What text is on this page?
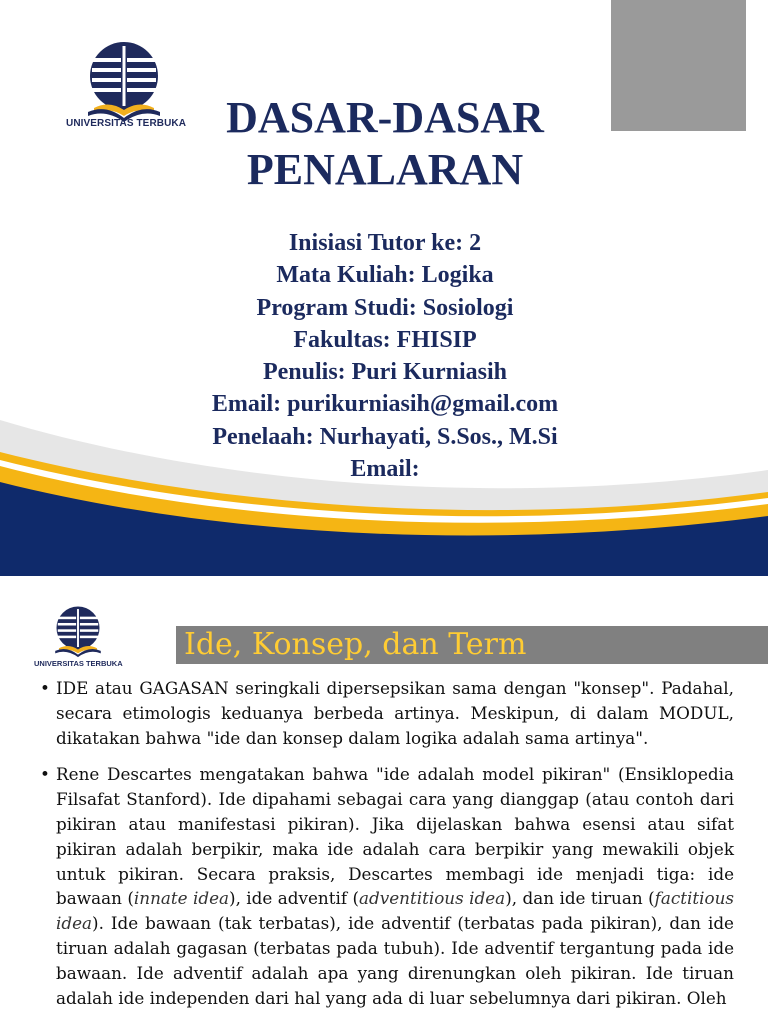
UNIVERSITAS TERBUKA DASAR-DASAR
PENALARAN
Inisiasi Tutor ke: 2
Mata Kuliah: Logika
Program Studi: Sosiologi
Fakultas: FHISIP
Penulis: Puri Kurniasih
Email: purikurniasih@gmail.com
Penelaah: Nurhayati, S.Sos., M.Si
Email:
UNIVERSITAS TERBUKA
Ide, Konsep, dan Term
• IDE atau GAGASAN seringkali dipersepsikan sama dengan "konsep". Padahal, secara etimologis keduanya berbeda artinya. Meskipun, di dalam MODUL, dikatakan bahwa "ide dan konsep dalam logika adalah sama artinya".
• Rene Descartes mengatakan bahwa "ide adalah model pikiran" (Ensiklopedia Filsafat Stanford). Ide dipahami sebagai cara yang dianggap (atau contoh dari pikiran atau manifestasi pikiran). Jika dijelaskan bahwa esensi atau sifat pikiran adalah berpikir, maka ide adalah cara berpikir yang mewakili objek untuk pikiran. Secara praksis, Descartes membagi ide menjadi tiga: ide bawaan (innate idea), ide adventif (adventitious idea), dan ide tiruan (factitious idea). Ide bawaan (tak terbatas), ide adventif (terbatas pada pikiran), dan ide tiruan adalah gagasan (terbatas pada tubuh). Ide adventif tergantung pada ide bawaan. Ide adventif adalah apa yang direnungkan oleh pikiran. Ide tiruan adalah ide independen dari hal yang ada di luar sebelumnya dari pikiran. Oleh
